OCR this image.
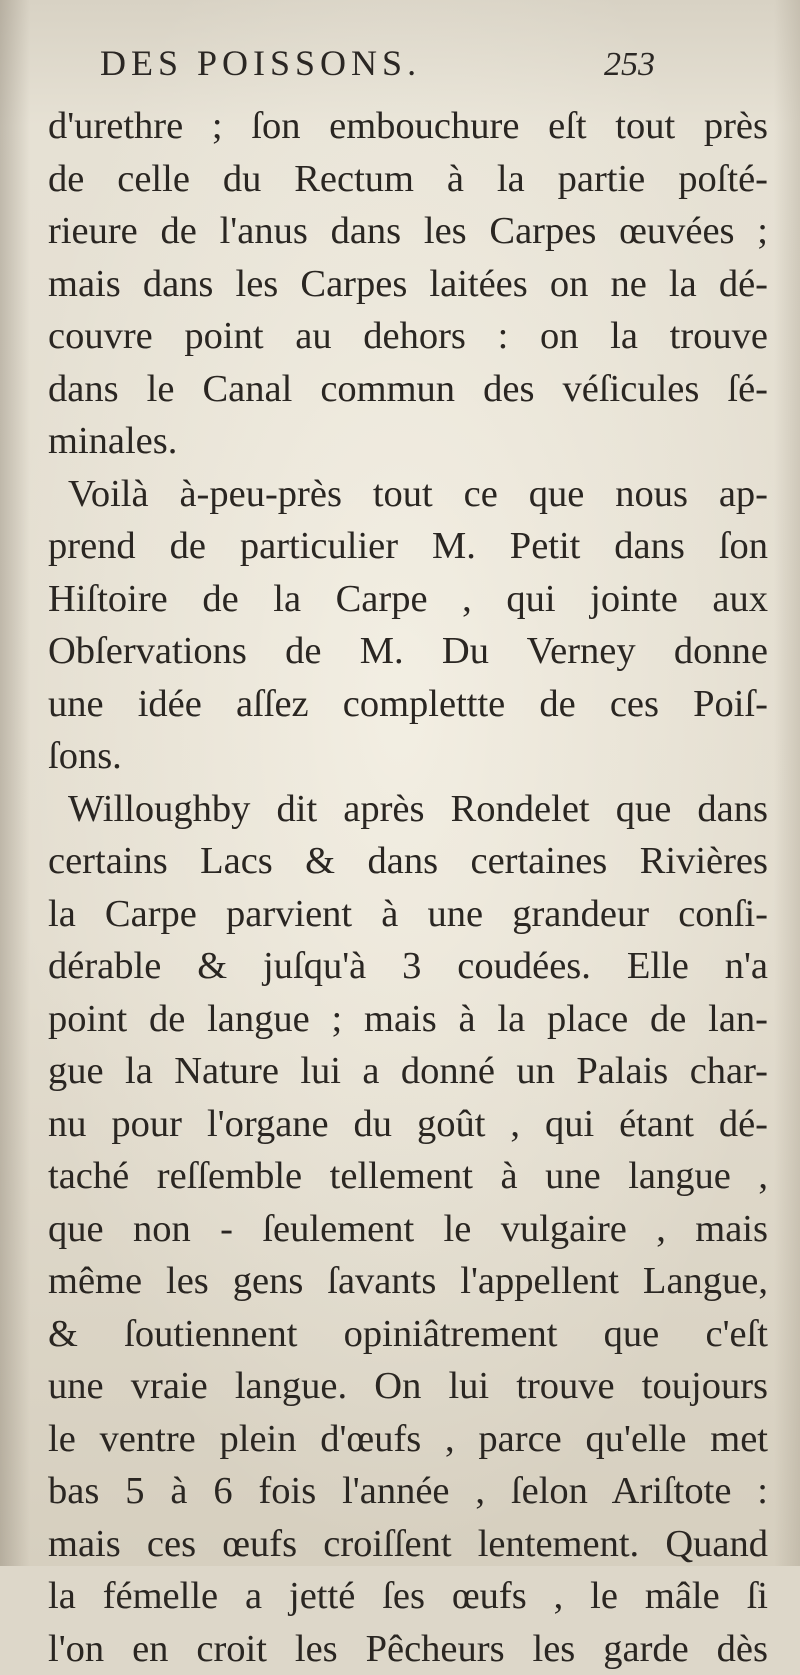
DES POISSONS.	253
d'urethre ; ſon embouchure eſt tout près
de celle du Rectum à la partie poſté-
rieure de l'anus dans les Carpes œuvées ;
mais dans les Carpes laitées on ne la dé-
couvre point au dehors : on la trouve
dans le Canal commun des véſicules ſé-
minales.
Voilà à-peu-près tout ce que nous ap-
prend de particulier M. Petit dans ſon
Hiſtoire de la Carpe , qui jointe aux
Obſervations de M. Du Verney donne
une idée aſſez complettte de ces Poiſ-
ſons.
Willoughby dit après Rondelet que dans
certains Lacs & dans certaines Rivières
la Carpe parvient à une grandeur conſi-
dérable & juſqu'à 3 coudées. Elle n'a
point de langue ; mais à la place de lan-
gue la Nature lui a donné un Palais char-
nu pour l'organe du goût , qui étant dé-
taché reſſemble tellement à une langue ,
que non - ſeulement le vulgaire , mais
même les gens ſavants l'appellent Langue,
& ſoutiennent opiniâtrement que c'eſt
une vraie langue. On lui trouve toujours
le ventre plein d'œufs , parce qu'elle met
bas 5 à 6 fois l'année , ſelon Ariſtote :
mais ces œufs croiſſent lentement. Quand
la fémelle a jetté ſes œufs , le mâle ſi
l'on en croit les Pêcheurs les garde dès
